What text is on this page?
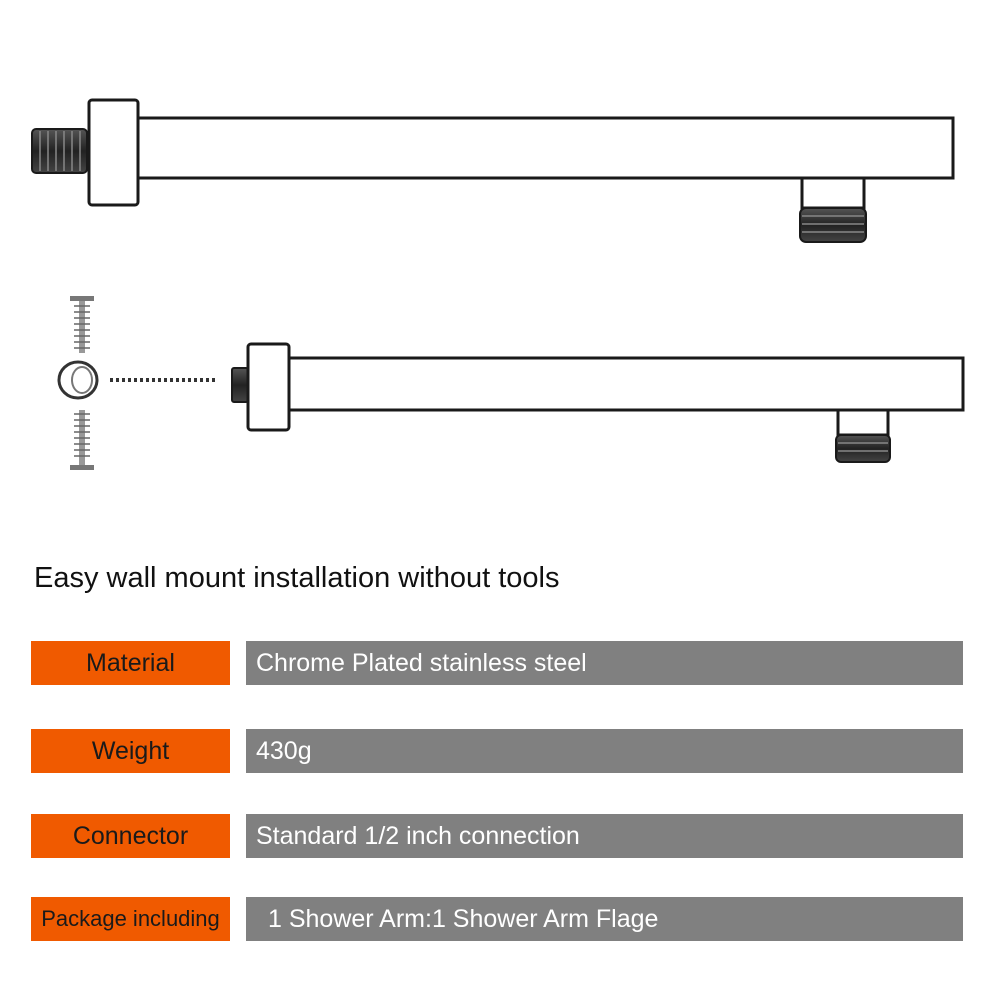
Easy wall mount installation without tools
Material	Chrome Plated stainless steel
Weight	430g
Connector	Standard 1/2 inch connection
Package including	1 Shower Arm:1 Shower Arm Flage
